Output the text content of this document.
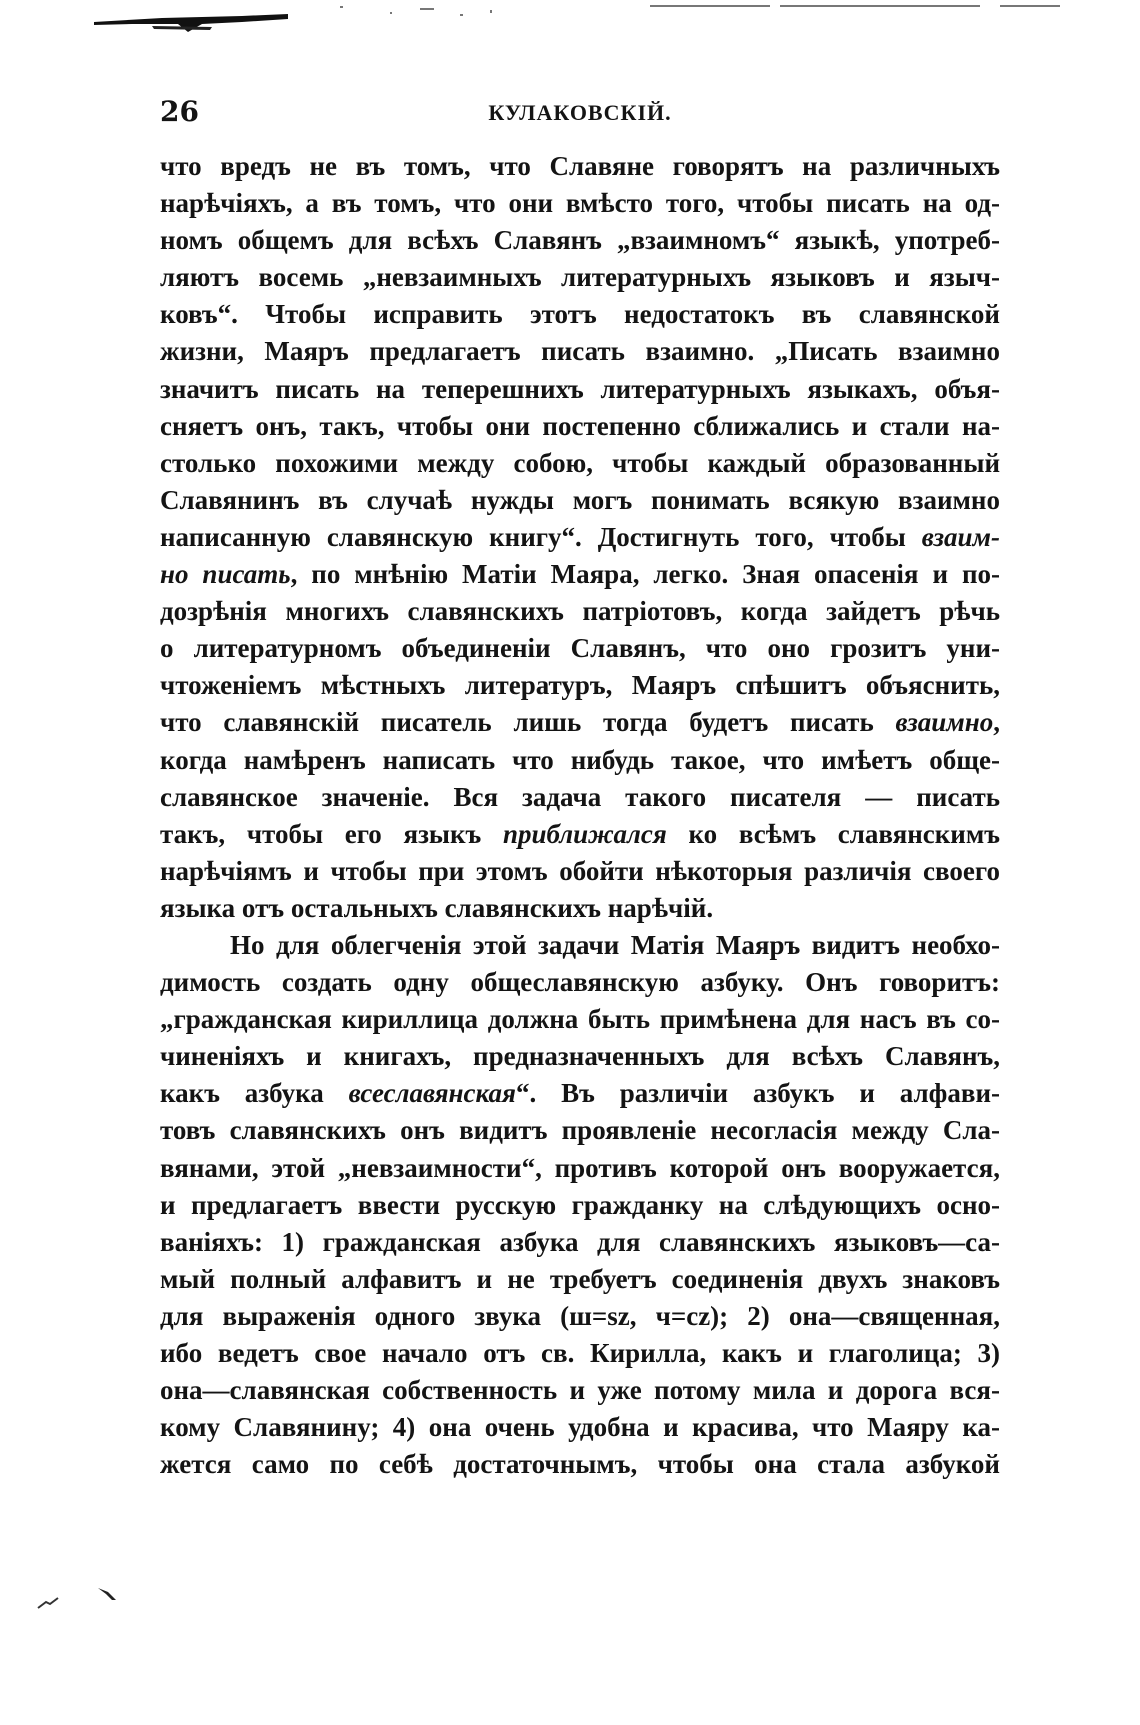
26	КУЛАКОВСКІЙ.
что вредъ не въ томъ, что Славяне говорятъ на различныхъ
нарѣчіяхъ, а въ томъ, что они вмѣсто того, чтобы писать на од-
номъ общемъ для всѣхъ Славянъ „взаимномъ“ языкѣ, употреб-
ляютъ восемь „невзаимныхъ литературныхъ языковъ и языч-
ковъ“. Чтобы исправить этотъ недостатокъ въ славянской
жизни, Маяръ предлагаетъ писать взаимно. „Писать взаимно
значитъ писать на теперешнихъ литературныхъ языкахъ, объя-
сняетъ онъ, такъ, чтобы они постепенно сближались и стали на-
столько похожими между собою, чтобы каждый образованный
Славянинъ въ случаѣ нужды могъ понимать всякую взаимно
написанную славянскую книгу“. Достигнуть того, чтобы взаим-
но писать, по мнѣнію Матіи Маяра, легко. Зная опасенія и по-
дозрѣнія многихъ славянскихъ патріотовъ, когда зайдетъ рѣчь
о литературномъ объединеніи Славянъ, что оно грозитъ уни-
чтоженіемъ мѣстныхъ литературъ, Маяръ спѣшитъ объяснить,
что славянскій писатель лишь тогда будетъ писать взаимно,
когда намѣренъ написать что нибудь такое, что имѣетъ обще-
славянское значеніе. Вся задача такого писателя — писать
такъ, чтобы его языкъ приближался ко всѣмъ славянскимъ
нарѣчіямъ и чтобы при этомъ обойти нѣкоторыя различія своего
языка отъ остальныхъ славянскихъ нарѣчій.
Но для облегченія этой задачи Матія Маяръ видитъ необхо-
димость создать одну общеславянскую азбуку. Онъ говоритъ:
„гражданская кириллица должна быть примѣнена для насъ въ со-
чиненіяхъ и книгахъ, предназначенныхъ для всѣхъ Славянъ,
какъ азбука всеславянская“. Въ различіи азбукъ и алфави-
товъ славянскихъ онъ видитъ проявленіе несогласія между Сла-
вянами, этой „невзаимности“, противъ которой онъ вооружается,
и предлагаетъ ввести русскую гражданку на слѣдующихъ осно-
ваніяхъ: 1) гражданская азбука для славянскихъ языковъ—са-
мый полный алфавитъ и не требуетъ соединенія двухъ знаковъ
для выраженія одного звука (ш=sz, ч=cz); 2) она—священная,
ибо ведетъ свое начало отъ св. Кирилла, какъ и глаголица; 3)
она—славянская собственность и уже потому мила и дорога вся-
кому Славянину; 4) она очень удобна и красива, что Маяру ка-
жется само по себѣ достаточнымъ, чтобы она стала азбукой
